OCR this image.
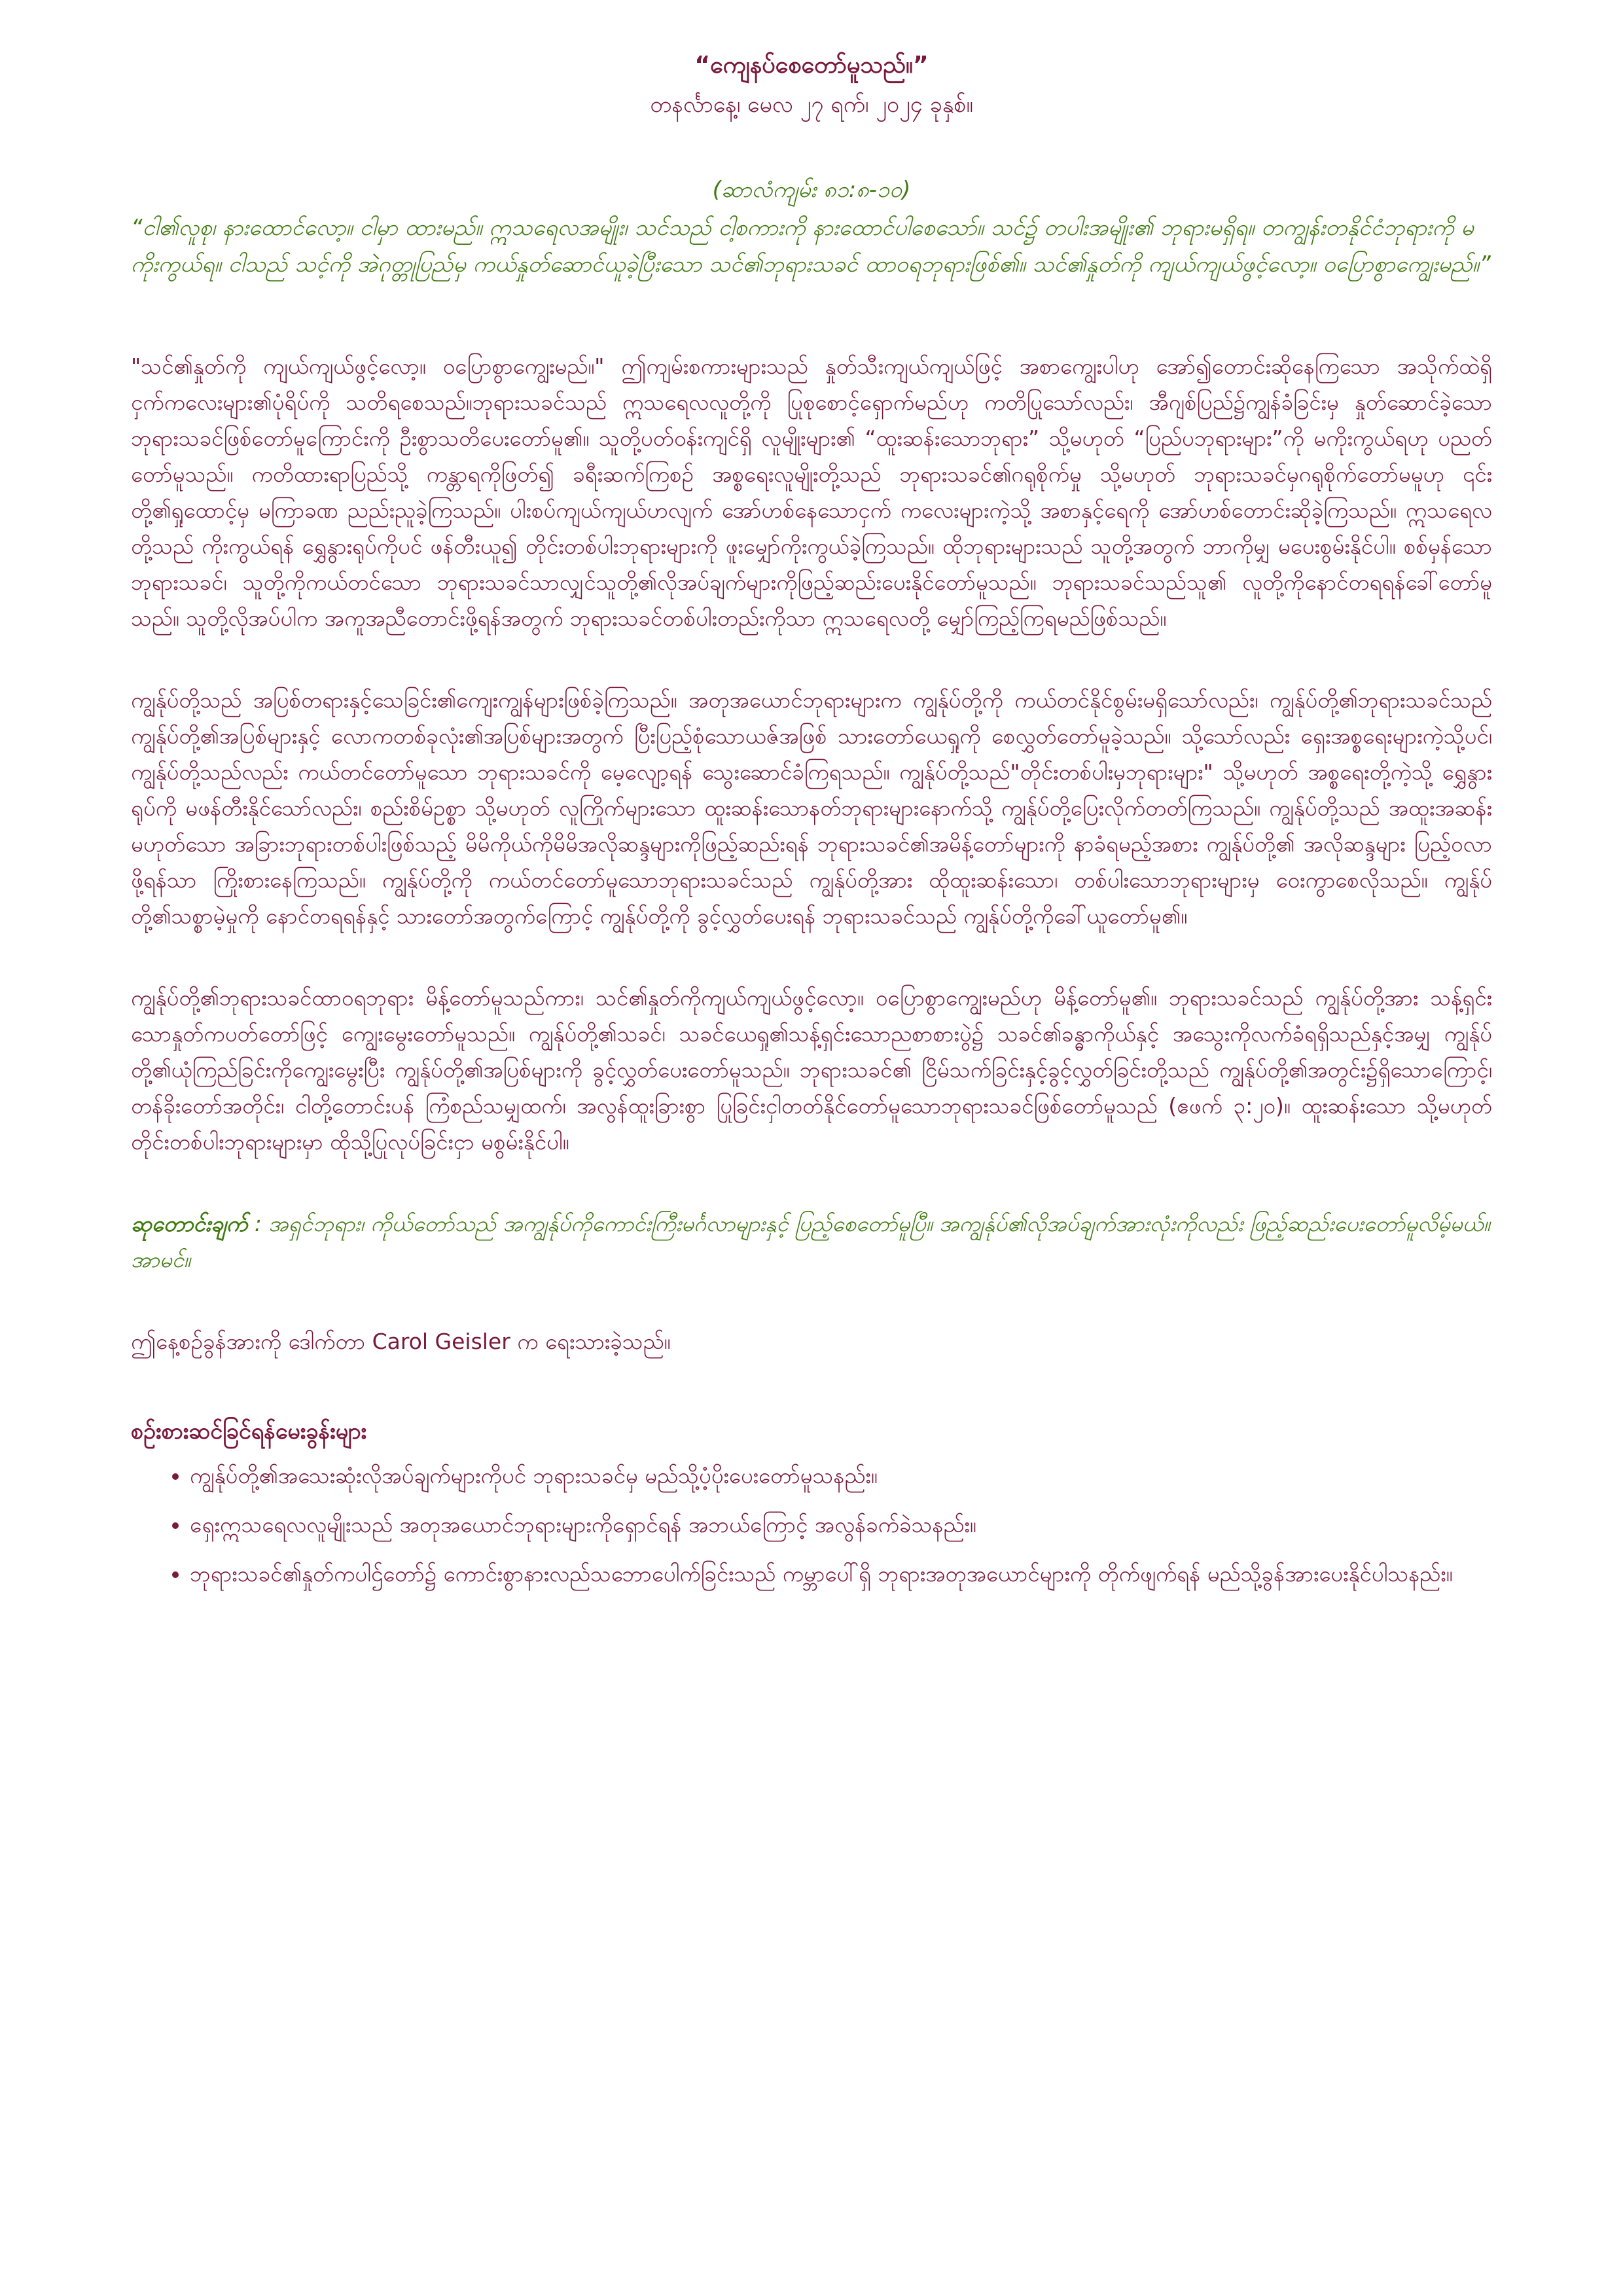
“ကျေနပ်စေတော်မူသည်။”
တနင်္လာနေ့၊ မေလ ၂၇ ရက်၊ ၂၀၂၄ ခုနှစ်။
(ဆာလံကျမ်း ၈၁:၈-၁၀)

“ငါ၏လူစု၊ နားထောင်လော့။ ငါမှာ ထားမည်။ ဣသရေလအမျိုး၊ သင်သည် ငါ့စကားကို နားထောင်ပါစေသော်။ သင်၌ တပါးအမျိုး၏ ဘုရားမရှိရ။ တကျွန်းတနိုင်ငံဘုရားကို မကိုးကွယ်ရ။ ငါသည် သင့်ကို အဲဂုတ္တုပြည်မှ ကယ်နှုတ်ဆောင်ယူခဲ့ပြီးသော သင်၏ဘုရားသခင် ထာဝရဘုရားဖြစ်၏။ သင်၏နှုတ်ကို ကျယ်ကျယ်ဖွင့်လော့။ ဝပြောစွာကျွေးမည်။”

"သင်၏နှုတ်ကို ကျယ်ကျယ်ဖွင့်လော့။ ဝပြောစွာကျွေးမည်။" ဤကျမ်းစကားများသည် နှုတ်သီးကျယ်ကျယ်ဖြင့် အစာကျွေးပါဟု အော်၍တောင်းဆိုနေကြသော အသိုက်ထဲရှိ ငှက်ကလေးများ၏ပုံရိပ်ကို သတိရစေသည်။ဘုရားသခင်သည် ဣသရေလလူတို့ကို ပြုစုစောင့်ရှောက်မည်ဟု ကတိပြုသော်လည်း၊ အီဂျစ်ပြည်၌ကျွန်ခံခြင်းမှ နှုတ်ဆောင်ခဲ့သော ဘုရားသခင်ဖြစ်တော်မူကြောင်းကို ဦးစွာသတိပေးတော်မူ၏။ သူတို့ပတ်ဝန်းကျင်ရှိ လူမျိုးများ၏ “ထူးဆန်းသောဘုရား” သို့မဟုတ် “ပြည်ပဘုရားများ”ကို မကိုးကွယ်ရဟု ပညတ်တော်မူသည်။ ကတိထားရာပြည်သို့ ကန္တာရကိုဖြတ်၍ ခရီးဆက်ကြစဉ် အစ္စရေးလူမျိုးတို့သည် ဘုရားသခင်၏ဂရုစိုက်မှု သို့မဟုတ် ဘုရားသခင်မှဂရုစိုက်တော်မမူဟု ၎င်းတို့၏ရှုထောင့်မှ မကြာခဏ ညည်းညူခဲ့ကြသည်။ ပါးစပ်ကျယ်ကျယ်ဟလျက် အော်ဟစ်နေသောငှက် ကလေးများကဲ့သို့ အစာနှင့်ရေကို အော်ဟစ်တောင်းဆိုခဲ့ကြသည်။ ဣသရေလတို့သည် ကိုးကွယ်ရန် ရွှေနွားရုပ်ကိုပင် ဖန်တီးယူ၍ တိုင်းတစ်ပါးဘုရားများကို ဖူးမျှော်ကိုးကွယ်ခဲ့ကြသည်။ ထိုဘုရားများသည် သူတို့အတွက် ဘာကိုမျှ မပေးစွမ်းနိုင်ပါ။ စစ်မှန်သောဘုရားသခင်၊ သူတို့ကိုကယ်တင်သော ဘုရားသခင်သာလျှင်သူတို့၏လိုအပ်ချက်များကိုဖြည့်ဆည်းပေးနိုင်တော်မူသည်။ ဘုရားသခင်သည်သူ၏ လူတို့ကိုနောင်တရရန်ခေါ်တော်မူသည်။ သူတို့လိုအပ်ပါက အကူအညီတောင်းဖို့ရန်အတွက် ဘုရားသခင်တစ်ပါးတည်းကိုသာ ဣသရေလတို့ မျှော်ကြည့်ကြရမည်ဖြစ်သည်။

ကျွန်ုပ်တို့သည် အပြစ်တရားနှင့်သေခြင်း၏ကျေးကျွန်များဖြစ်ခဲ့ကြသည်။ အတုအယောင်ဘုရားများက ကျွန်ုပ်တို့ကို ကယ်တင်နိုင်စွမ်းမရှိသော်လည်း၊ ကျွန်ုပ်တို့၏ဘုရားသခင်သည် ကျွန်ုပ်တို့၏အပြစ်များနှင့် လောကတစ်ခုလုံး၏အပြစ်များအတွက် ပြီးပြည့်စုံသောယဇ်အဖြစ် သားတော်ယေရှုကို စေလွှတ်တော်မူခဲ့သည်။ သို့သော်လည်း ရှေးအစ္စရေးများကဲ့သို့ပင်၊ ကျွန်ုပ်တို့သည်လည်း ကယ်တင်တော်မူသော ဘုရားသခင်ကို မေ့လျော့ရန် သွေးဆောင်ခံကြရသည်။ ကျွန်ုပ်တို့သည်"တိုင်းတစ်ပါးမှဘုရားများ" သို့မဟုတ် အစ္စရေးတို့ကဲ့သို့ ရွှေနွားရုပ်ကို မဖန်တီးနိုင်သော်လည်း၊ စည်းစိမ်ဥစ္စာ သို့မဟုတ် လူကြိုက်များသော ထူးဆန်းသောနတ်ဘုရားများနောက်သို့ ကျွန်ုပ်တို့ပြေးလိုက်တတ်ကြသည်။ ကျွန်ုပ်တို့သည် အထူးအဆန်းမဟုတ်သော အခြားဘုရားတစ်ပါးဖြစ်သည့် မိမိကိုယ်ကိုမိမိအလိုဆန္ဒများကိုဖြည့်ဆည်းရန် ဘုရားသခင်၏အမိန့်တော်များကို နာခံရမည့်အစား ကျွန်ုပ်တို့၏ အလိုဆန္ဒများ ပြည့်ဝလာဖို့ရန်သာ ကြိုးစားနေကြသည်။ ကျွန်ုပ်တို့ကို ကယ်တင်တော်မူသောဘုရားသခင်သည် ကျွန်ုပ်တို့အား ထိုထူးဆန်းသော၊ တစ်ပါးသောဘုရားများမှ ဝေးကွာစေလိုသည်။ ကျွန်ုပ်တို့၏သစ္စာမဲ့မှုကို နောင်တရရန်နှင့် သားတော်အတွက်ကြောင့် ကျွန်ုပ်တို့ကို ခွင့်လွှတ်ပေးရန် ဘုရားသခင်သည် ကျွန်ုပ်တို့ကိုခေါ်ယူတော်မူ၏။

ကျွန်ုပ်တို့၏ဘုရားသခင်ထာဝရဘုရား မိန့်တော်မူသည်ကား၊ သင်၏နှုတ်ကိုကျယ်ကျယ်ဖွင့်လော့။ ဝပြောစွာကျွေးမည်ဟု မိန့်တော်မူ၏။ ဘုရားသခင်သည် ကျွန်ုပ်တို့အား သန့်ရှင်းသောနှုတ်ကပတ်တော်ဖြင့် ကျွေးမွေးတော်မူသည်။ ကျွန်ုပ်တို့၏သခင်၊ သခင်ယေရှု၏သန့်ရှင်းသောညစာစားပွဲ၌ သခင်၏ခန္ဓာကိုယ်နှင့် အသွေးကိုလက်ခံရရှိသည်နှင့်အမျှ ကျွန်ုပ်တို့၏ယုံကြည်ခြင်းကိုကျွေးမွေးပြီး ကျွန်ုပ်တို့၏အပြစ်များကို ခွင့်လွှတ်ပေးတော်မူသည်။ ဘုရားသခင်၏ ငြိမ်သက်ခြင်းနှင့်ခွင့်လွှတ်ခြင်းတို့သည် ကျွန်ုပ်တို့၏အတွင်း၌ရှိသောကြောင့်၊ တန်ခိုးတော်အတိုင်း၊ ငါတို့တောင်းပန် ကြံစည်သမျှထက်၊ အလွန်ထူးခြားစွာ ပြုခြင်းငှါတတ်နိုင်တော်မူသောဘုရားသခင်ဖြစ်တော်မူသည် (ဧဖက် ၃:၂၀)။ ထူးဆန်းသော သို့မဟုတ် တိုင်းတစ်ပါးဘုရားများမှာ ထိုသို့ပြုလုပ်ခြင်းငှာ မစွမ်းနိုင်ပါ။

ဆုတောင်းချက် : အရှင်ဘုရား၊ ကိုယ်တော်သည် အကျွန်ုပ်ကိုကောင်းကြီးမင်္ဂလာများနှင့် ပြည့်စေတော်မူပြီ။ အကျွန်ုပ်၏လိုအပ်ချက်အားလုံးကိုလည်း ဖြည့်ဆည်းပေးတော်မူလိမ့်မယ်။ အာမင်။

ဤနေ့စဉ်ခွန်အားကို ဒေါက်တာ Carol Geisler က ရေးသားခဲ့သည်။

စဉ်းစားဆင်ခြင်ရန်မေးခွန်းများ
• ကျွန်ုပ်တို့၏အသေးဆုံးလိုအပ်ချက်များကိုပင် ဘုရားသခင်မှ မည်သို့ပံ့ပိုးပေးတော်မူသနည်း။
• ရှေးဣသရေလလူမျိုးသည် အတုအယောင်ဘုရားများကိုရှောင်ရန် အဘယ်ကြောင့် အလွန်ခက်ခဲသနည်း။
• ဘုရားသခင်၏နှုတ်ကပါဌ်တော်၌ ကောင်းစွာနားလည်သဘောပေါက်ခြင်းသည် ကမ္ဘာပေါ်ရှိ ဘုရားအတုအယောင်များကို တိုက်ဖျက်ရန် မည်သို့ခွန်အားပေးနိုင်ပါသနည်း။
